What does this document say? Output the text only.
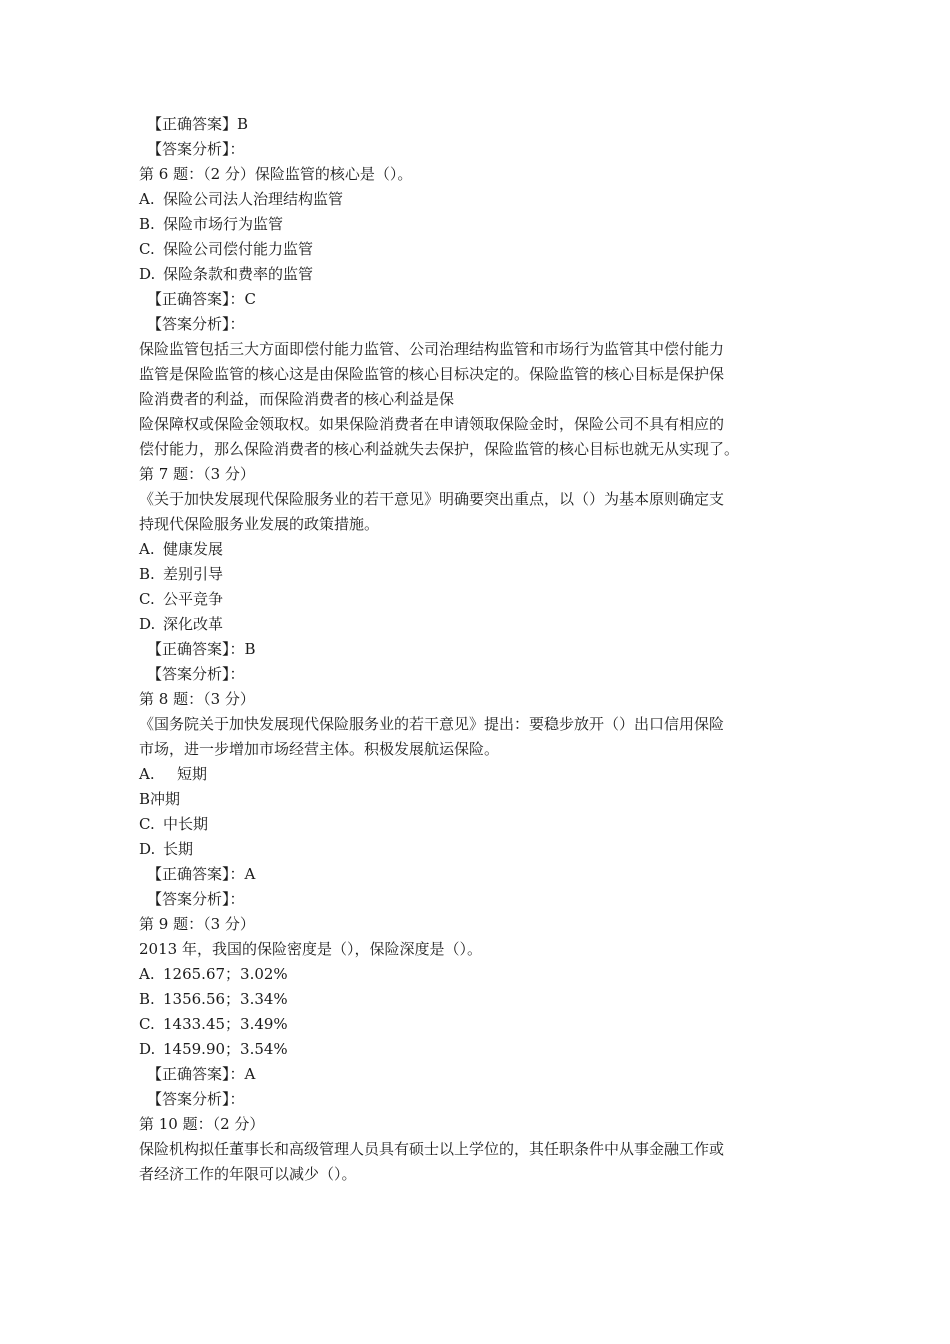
【正确答案】B
【答案分析】：
第 6 题：（2 分）保险监管的核心是（）。
A. 保险公司法人治理结构监管
B. 保险市场行为监管
C. 保险公司偿付能力监管
D. 保险条款和费率的监管
【正确答案】：C
【答案分析】：
保险监管包括三大方面即偿付能力监管、公司治理结构监管和市场行为监管其中偿付能力
监管是保险监管的核心这是由保险监管的核心目标决定的。保险监管的核心目标是保护保
险消费者的利益，而保险消费者的核心利益是保
险保障权或保险金领取权。如果保险消费者在申请领取保险金时，保险公司不具有相应的
偿付能力，那么保险消费者的核心利益就失去保护，保险监管的核心目标也就无从实现了。
第 7 题：（3 分）
《关于加快发展现代保险服务业的若干意见》明确要突出重点，以（）为基本原则确定支
持现代保险服务业发展的政策措施。
A. 健康发展
B. 差别引导
C. 公平竞争
D. 深化改革
【正确答案】：B
【答案分析】：
第 8 题：（3 分）
《国务院关于加快发展现代保险服务业的若干意见》提出：要稳步放开（）出口信用保险
市场，进一步增加市场经营主体。积极发展航运保险。
A. 短期
B冲期
C. 中长期
D. 长期
【正确答案】：A
【答案分析】：
第 9 题：（3 分）
2013 年，我国的保险密度是（），保险深度是（）。
A. 1265.67；3.02%
B. 1356.56；3.34%
C. 1433.45；3.49%
D. 1459.90；3.54%
【正确答案】：A
【答案分析】：
第 10 题：（2 分）
保险机构拟任董事长和高级管理人员具有硕士以上学位的，其任职条件中从事金融工作或
者经济工作的年限可以减少（）。
